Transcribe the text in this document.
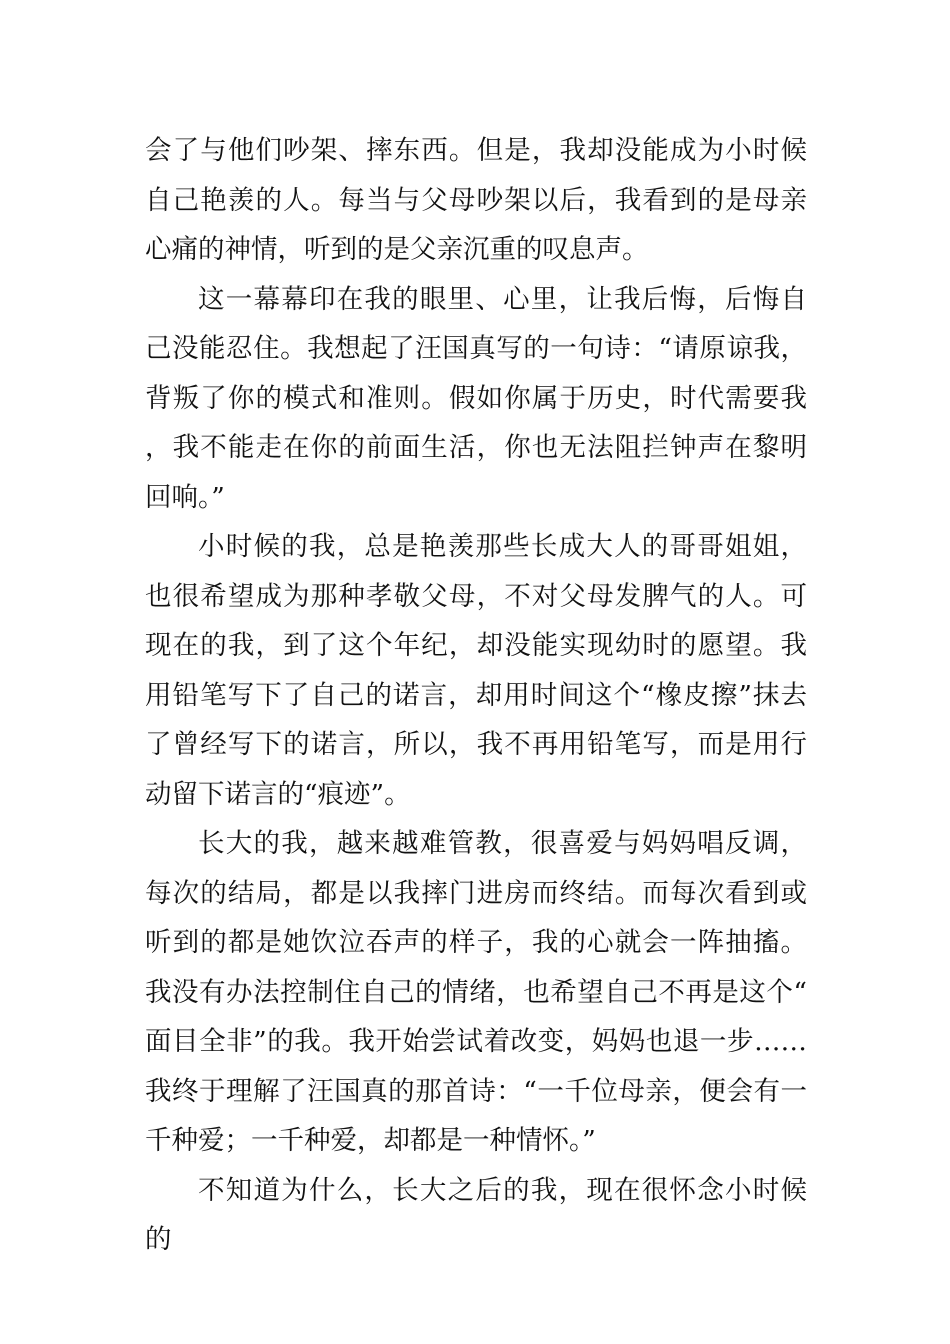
会了与他们吵架、摔东西。但是，我却没能成为小时候自己艳羡的人。每当与父母吵架以后，我看到的是母亲心痛的神情，听到的是父亲沉重的叹息声。

这一幕幕印在我的眼里、心里，让我后悔，后悔自己没能忍住。我想起了汪国真写的一句诗：“请原谅我，背叛了你的模式和准则。假如你属于历史，时代需要我，我不能走在你的前面生活，你也无法阻拦钟声在黎明回响。”

小时候的我，总是艳羡那些长成大人的哥哥姐姐，也很希望成为那种孝敬父母，不对父母发脾气的人。可现在的我，到了这个年纪，却没能实现幼时的愿望。我用铅笔写下了自己的诺言，却用时间这个“橡皮擦”抹去了曾经写下的诺言，所以，我不再用铅笔写，而是用行动留下诺言的“痕迹”。

长大的我，越来越难管教，很喜爱与妈妈唱反调，每次的结局，都是以我摔门进房而终结。而每次看到或听到的都是她饮泣吞声的样子，我的心就会一阵抽搐。我没有办法控制住自己的情绪，也希望自己不再是这个“面目全非”的我。我开始尝试着改变，妈妈也退一步……我终于理解了汪国真的那首诗：“一千位母亲，便会有一千种爱；一千种爱，却都是一种情怀。”

不知道为什么，长大之后的我，现在很怀念小时候的
